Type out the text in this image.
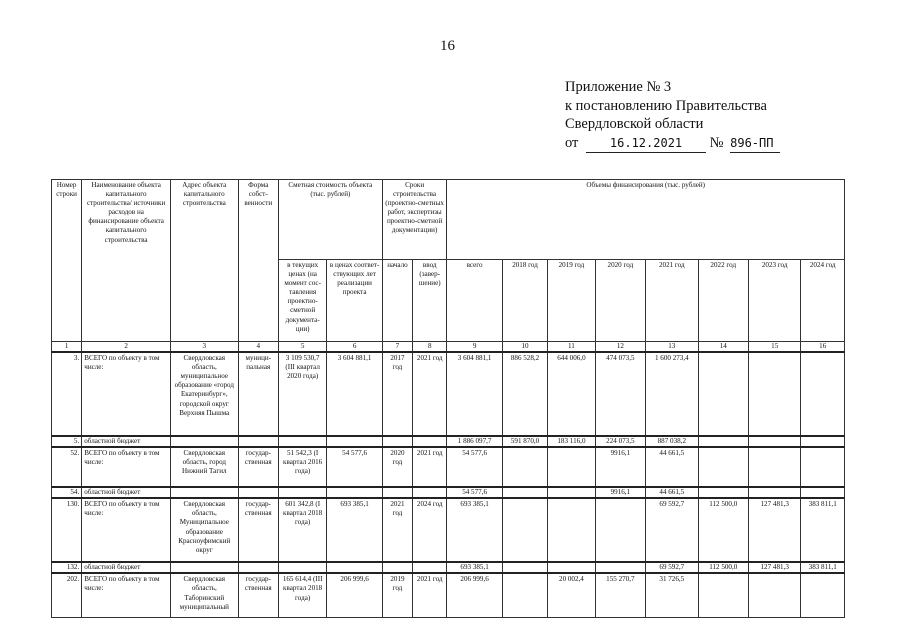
16
Приложение № 3
к постановлению Правительства
Свердловской области
от	16.12.2021 № 896-ПП
Номер строки	Наименование объекта капитального строительства/ источники расходов на финансирование объекта капитального строительства	Адрес объекта капитального строительства	Форма собст-венности	Сметная стоимость объекта (тыс. рублей)		Сроки строительства (проектно-сметных работ, экспертизы проектно-сметной документации)		Объемы финансирования (тыс. рублей)							
				в текущих ценах (на момент сос-тавления проектно-сметной документа-ции)	в ценах соответ-ствующих лет реализации проекта	начало	ввод (завер-шение)	всего	2018 год	2019 год	2020 год	2021 год	2022 год	2023 год	2024 год
1	2	3	4	5	6	7	8	9	10	11	12	13	14	15	16
3.	ВСЕГО по объекту в том числе:	Свердловская область, муниципальное образование «город Екатеринбург», городской округ Верхняя Пышма	муници-пальная	3 109 530,7 (III квартал 2020 года)	3 604 881,1	2017 год	2021 год	3 604 881,1	886 528,2	644 006,0	474 073,5	1 600 273,4			
5.	областной бюджет							1 886 097,7	591 870,0	183 116,0	224 073,5	887 038,2			
52.	ВСЕГО по объекту в том числе:	Свердловская область, город Нижний Тагил	государ-ственная	51 542,3 (I квартал 2016 года)	54 577,6	2020 год	2021 год	54 577,6			9916,1	44 661,5			
54.	областной бюджет							54 577,6			9916,1	44 661,5			
130.	ВСЕГО по объекту в том числе:	Свердловская область, Муниципальное образование Красноуфимский округ	государ-ственная	601 342,8 (I квартал 2018 года)	693 385,1	2021 год	2024 год	693 385,1				69 592,7	112 500,0	127 481,3	383 811,1
132.	областной бюджет							693 385,1				69 592,7	112 500,0	127 481,3	383 811,1
202.	ВСЕГО по объекту в том числе:	Свердловская область, Таборинский муниципальный	государ-ственная	165 614,4 (III квартал 2018 года)	206 999,6	2019 год	2021 год	206 999,6		20 002,4	155 270,7	31 726,5			
